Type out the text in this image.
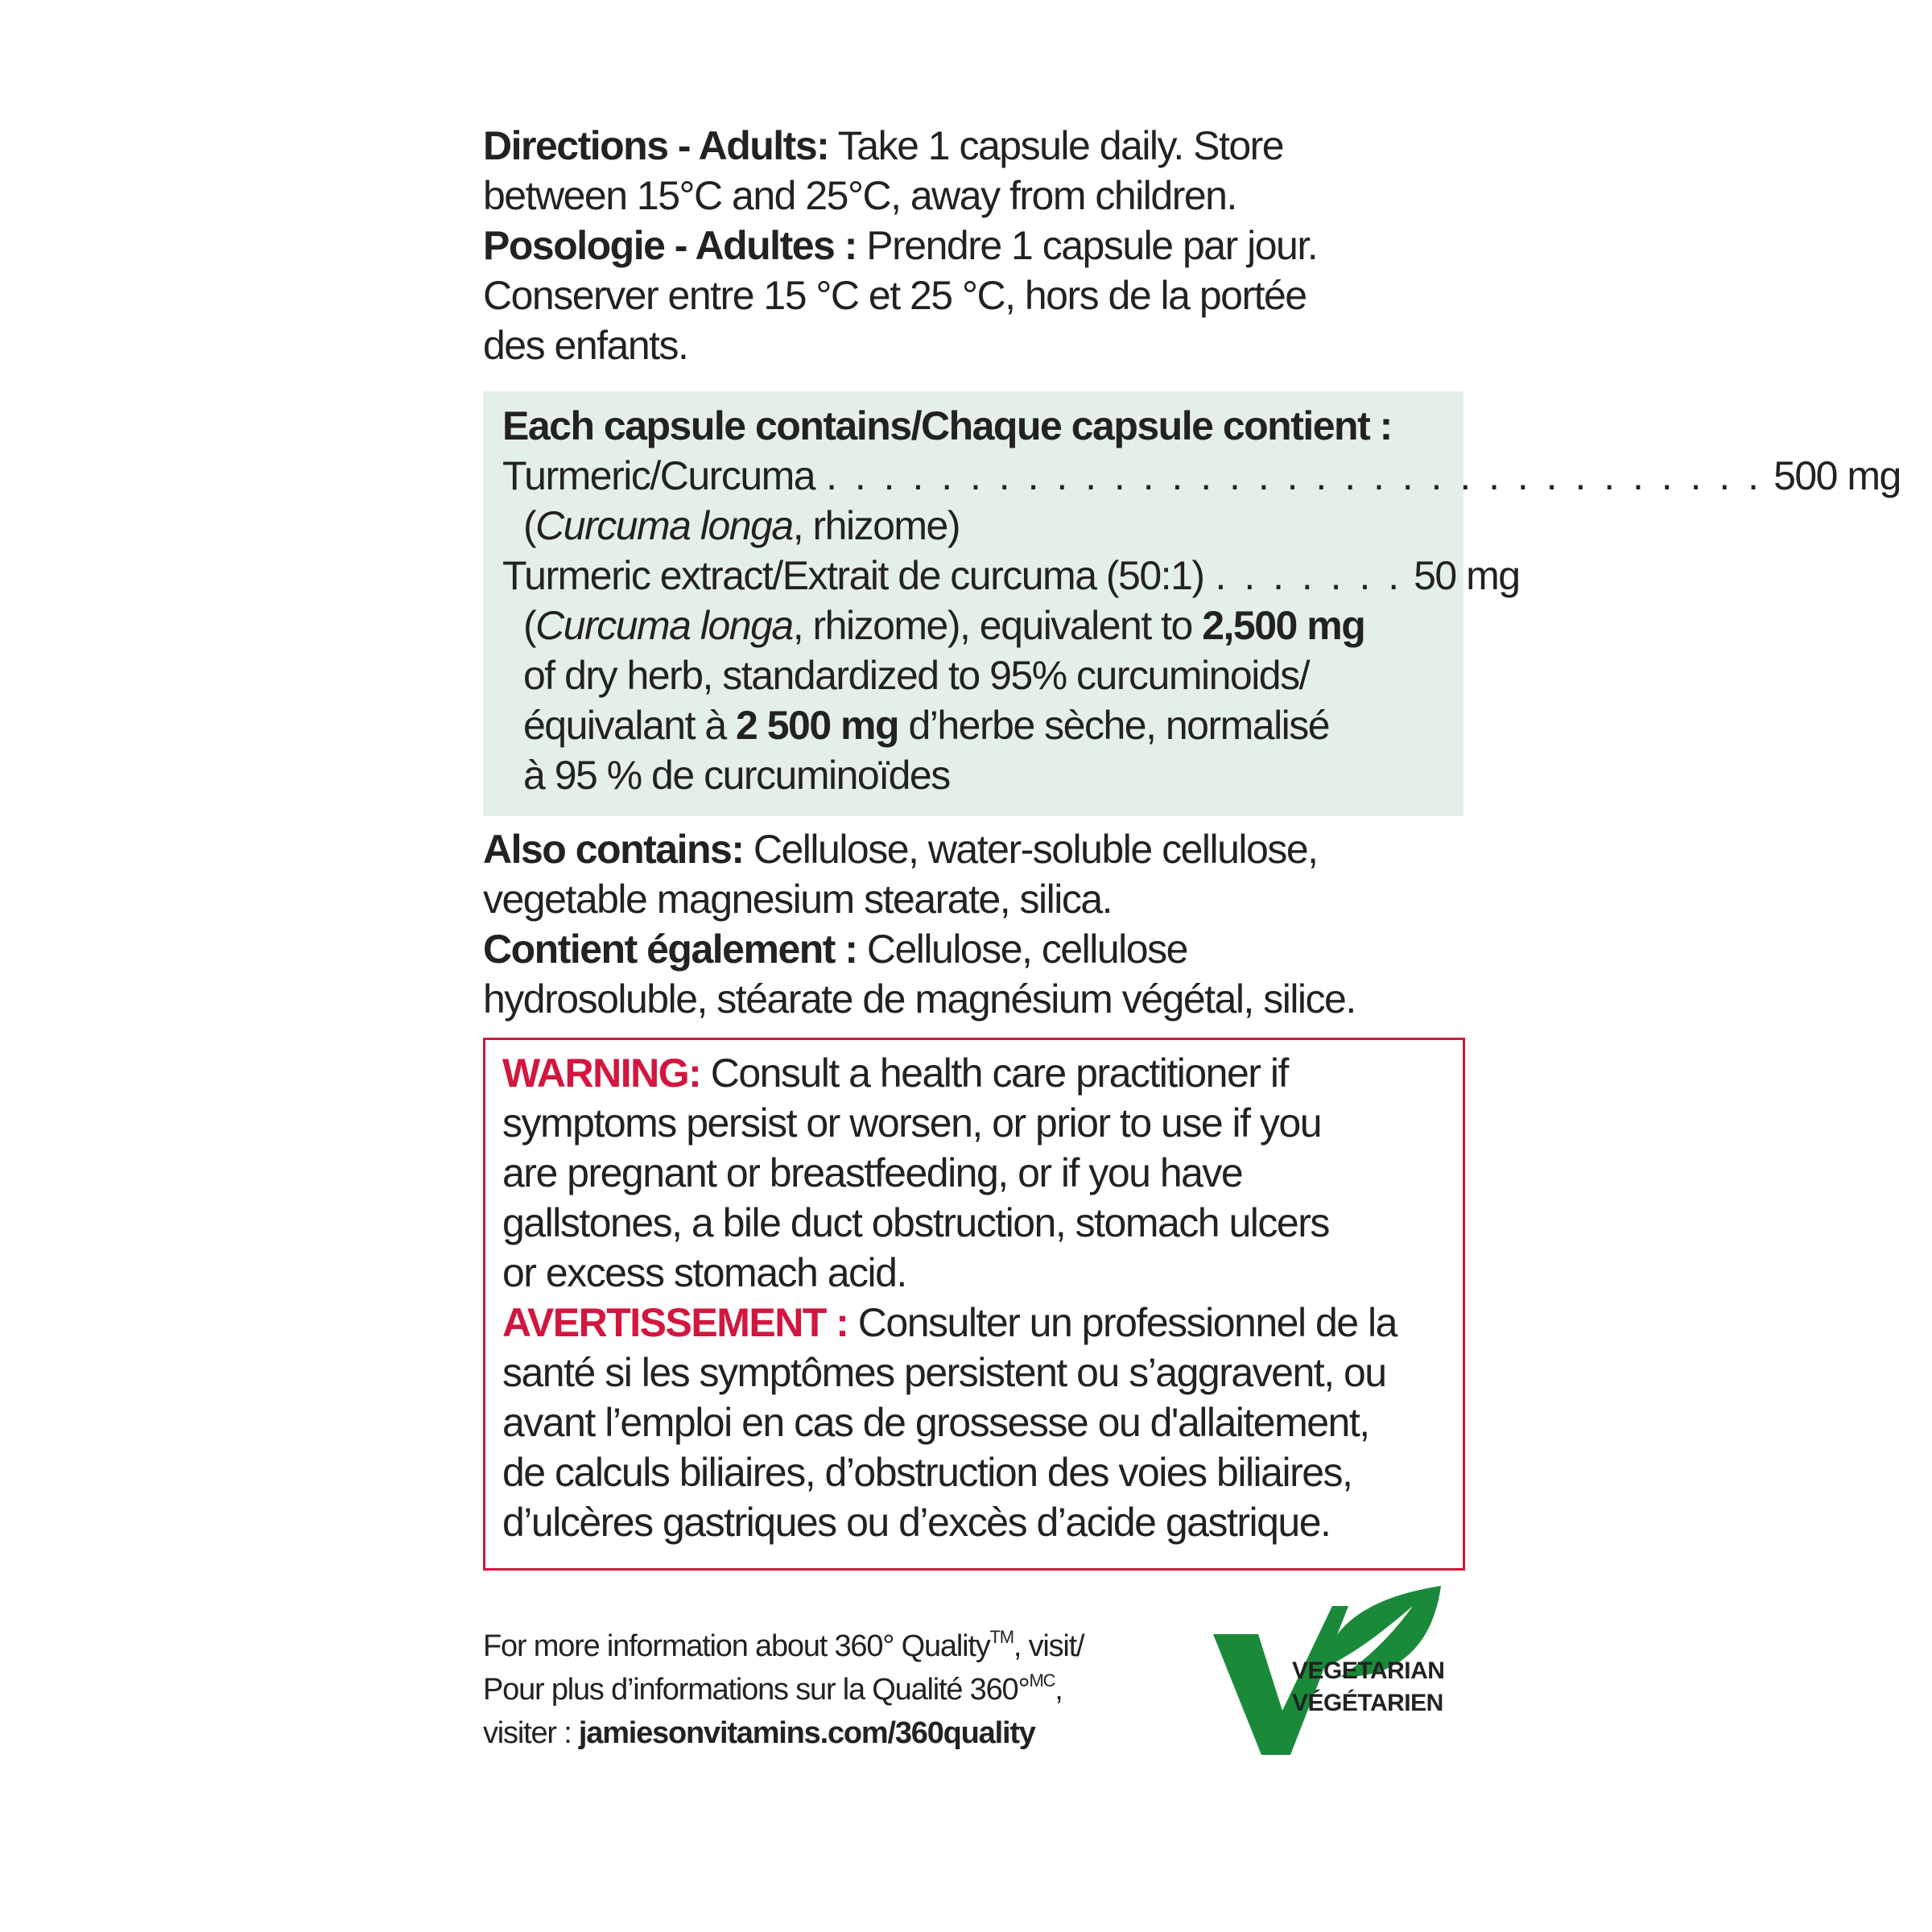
Directions - Adults: Take 1 capsule daily. Store
between 15°C and 25°C, away from children.
Posologie - Adultes : Prendre 1 capsule par jour.
Conserver entre 15 °C et 25 °C, hors de la portée
des enfants.
Each capsule contains/Chaque capsule contient :
Turmeric/Curcuma . . . . . . . . . . . . . . . . . . . . . . . . . . . . . . . . . 500 mg
(Curcuma longa, rhizome)
Turmeric extract/Extrait de curcuma (50:1) . . . . . . . 50 mg
(Curcuma longa, rhizome), equivalent to 2,500 mg
of dry herb, standardized to 95% curcuminoids/
équivalant à 2 500 mg d’herbe sèche, normalisé
à 95 % de curcuminoïdes
Also contains: Cellulose, water-soluble cellulose,
vegetable magnesium stearate, silica.
Contient également : Cellulose, cellulose
hydrosoluble, stéarate de magnésium végétal, silice.
WARNING: Consult a health care practitioner if
symptoms persist or worsen, or prior to use if you
are pregnant or breastfeeding, or if you have
gallstones, a bile duct obstruction, stomach ulcers
or excess stomach acid.
AVERTISSEMENT : Consulter un professionnel de la
santé si les symptômes persistent ou s’aggravent, ou
avant l’emploi en cas de grossesse ou d'allaitement,
de calculs biliaires, d’obstruction des voies biliaires,
d’ulcères gastriques ou d’excès d’acide gastrique.
For more information about 360° Quality™, visit/
Pour plus d’informations sur la Qualité 360°$^{MC}$,
visiter : jamiesonvitamins.com/360quality
VEGETARIAN
VÉGÉTARIEN
